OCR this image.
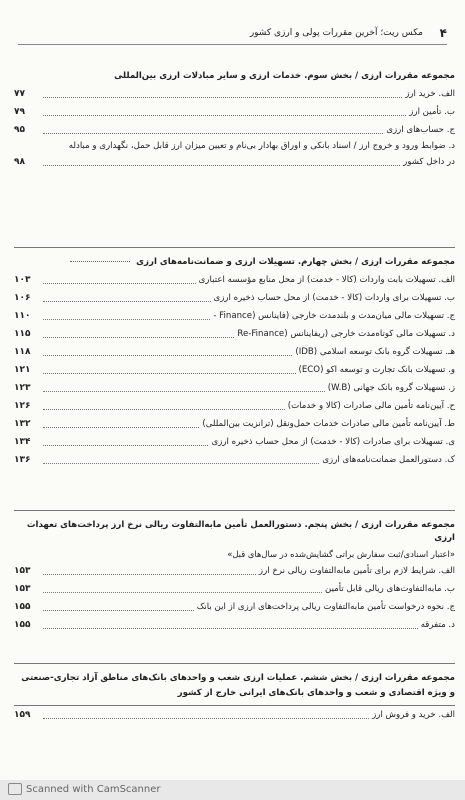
۴
مکس ریت؛ آخرین مقررات پولی و ارزی کشور
مجموعه مقررات ارزی / بخش سوم. خدمات ارزی و سایر مبادلات ارزی بین‌المللی
الف. خرید ارز
۷۷
ب. تأمین ارز
۷۹
ج. حساب‌های ارزی
۹۵
د. ضوابط ورود و خروج ارز / اسناد بانکی و اوراق بهادار بی‌نام و تعیین میزان ارز قابل حمل، نگهداری و مبادله
در داخل کشور
۹۸
مجموعه مقررات ارزی / بخش چهارم. تسهیلات ارزی و ضمانت‌نامه‌های ارزی
الف. تسهیلات بابت واردات (کالا - خدمت) از محل منابع مؤسسه اعتباری
۱۰۳
ب. تسهیلات برای واردات (کالا - خدمت) از محل حساب ذخیره ارزی
۱۰۶
ج. تسهیلات مالی میان‌مدت و بلندمدت خارجی (فاینانس (Finance -
۱۱۰
د. تسهیلات مالی کوتاه‌مدت خارجی (ریفاینانس (Re-Finance
۱۱۵
هـ. تسهیلات گروه بانک توسعه اسلامی (IDB)
۱۱۸
و. تسهیلات بانک تجارت و توسعه اکو (ECO)
۱۲۱
ز. تسهیلات گروه بانک جهانی (W.B)
۱۲۳
ح. آیین‌نامه تأمین مالی صادرات (کالا و خدمات)
۱۲۶
ط. آیین‌نامه تأمین مالی صادرات خدمات حمل‌ونقل (ترانزیت بین‌المللی)
۱۳۲
ی. تسهیلات برای صادرات (کالا - خدمت) از محل حساب ذخیره ارزی
۱۳۴
ک. دستورالعمل ضمانت‌نامه‌های ارزی
۱۳۶
مجموعه مقررات ارزی / بخش پنجم. دستورالعمل تأمین مابه‌التفاوت ریالی نرخ ارز پرداخت‌های تعهدات ارزی
«اعتبار اسنادی/ثبت سفارش براتی گشایش‌شده در سال‌های قبل»
الف. شرایط لازم برای تأمین مابه‌التفاوت ریالی نرخ ارز
۱۵۳
ب. مابه‌التفاوت‌های ریالی قابل تأمین
۱۵۳
ج. نحوه درخواست تأمین مابه‌التفاوت ریالی پرداخت‌های ارزی از این بانک
۱۵۵
د. متفرقه
۱۵۵
مجموعه مقررات ارزی / بخش ششم. عملیات ارزی شعب و واحدهای بانک‌های مناطق آزاد تجاری-صنعتی
و ویژه اقتصادی و شعب و واحدهای بانک‌های ایرانی خارج از کشور
الف. خرید و فروش ارز
۱۵۹
Scanned with CamScanner
